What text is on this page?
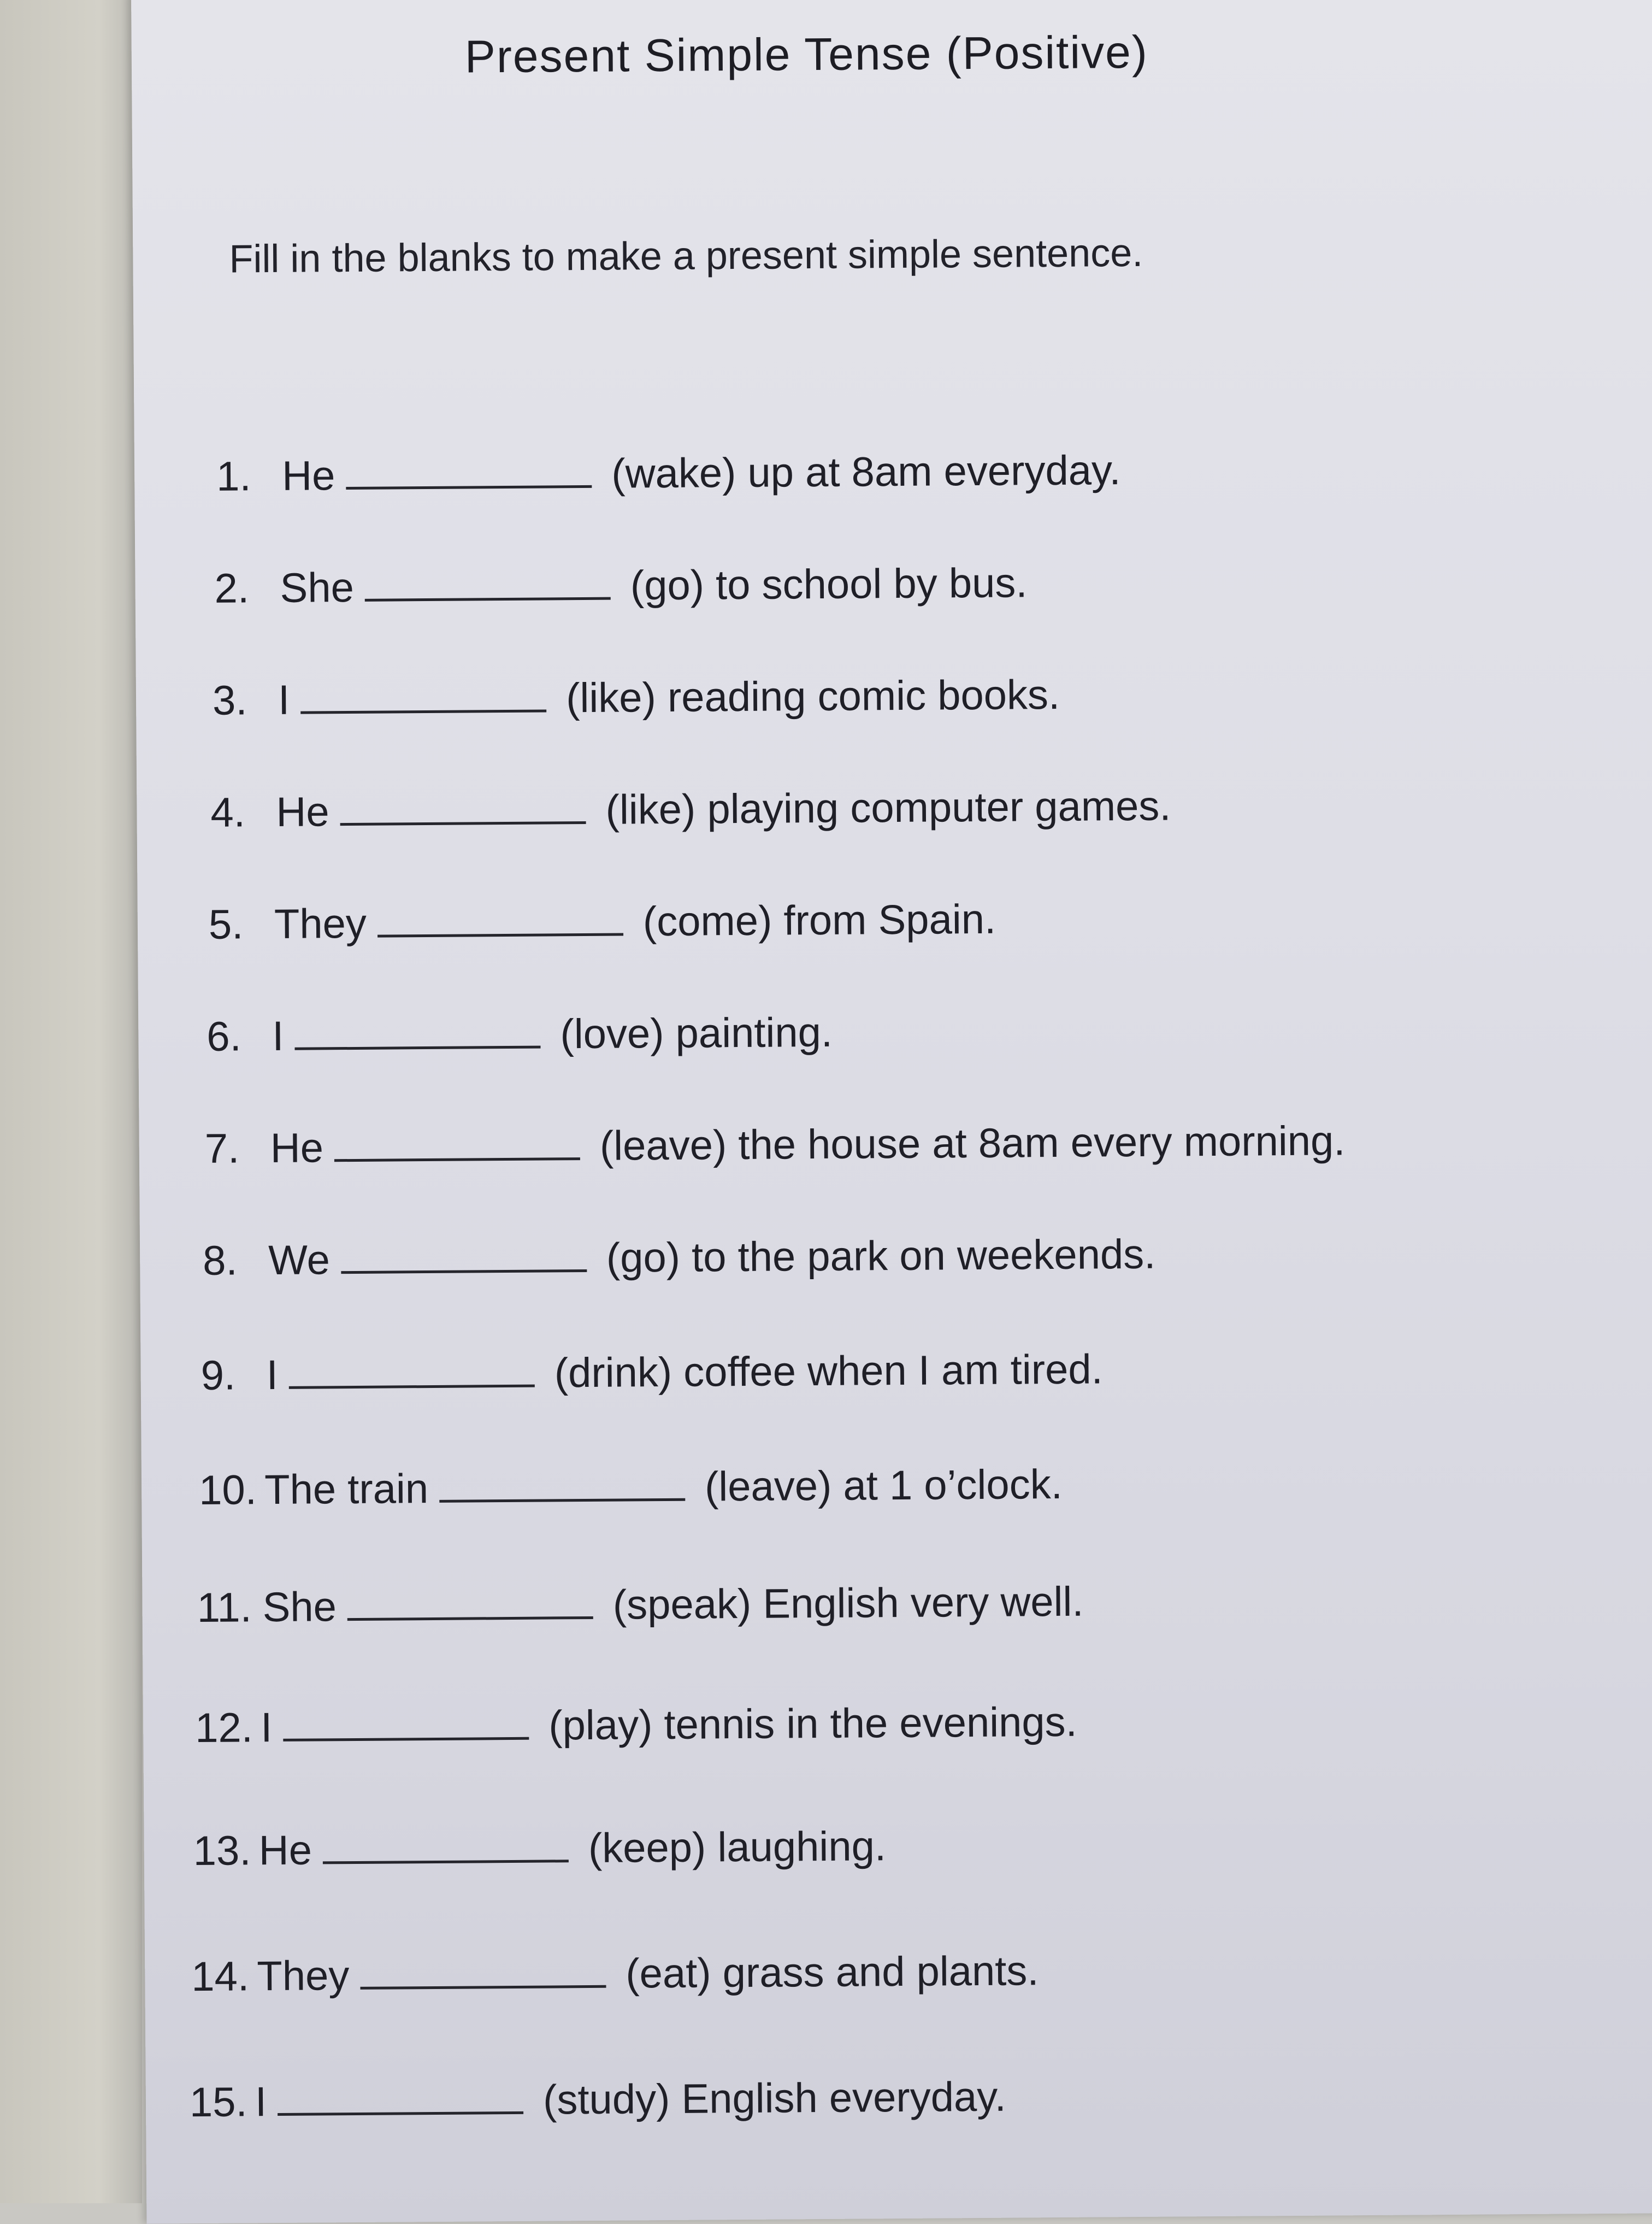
Present Simple Tense (Positive)
Fill in the blanks to make a present simple sentence.
1. He	(wake) up at 8am everyday.
2. She	(go) to school by bus.
3. I	(like) reading comic books.
4. He	(like) playing computer games.
5. They	(come) from Spain.
6. I	(love) painting.
7. He	(leave) the house at 8am every morning.
8. We	(go) to the park on weekends.
9. I	(drink) coffee when I am tired.
10. The train	(leave) at 1 o’clock.
11. She	(speak) English very well.
12. I	(play) tennis in the evenings.
13. He	(keep) laughing.
14. They	(eat) grass and plants.
15. I	(study) English everyday.
